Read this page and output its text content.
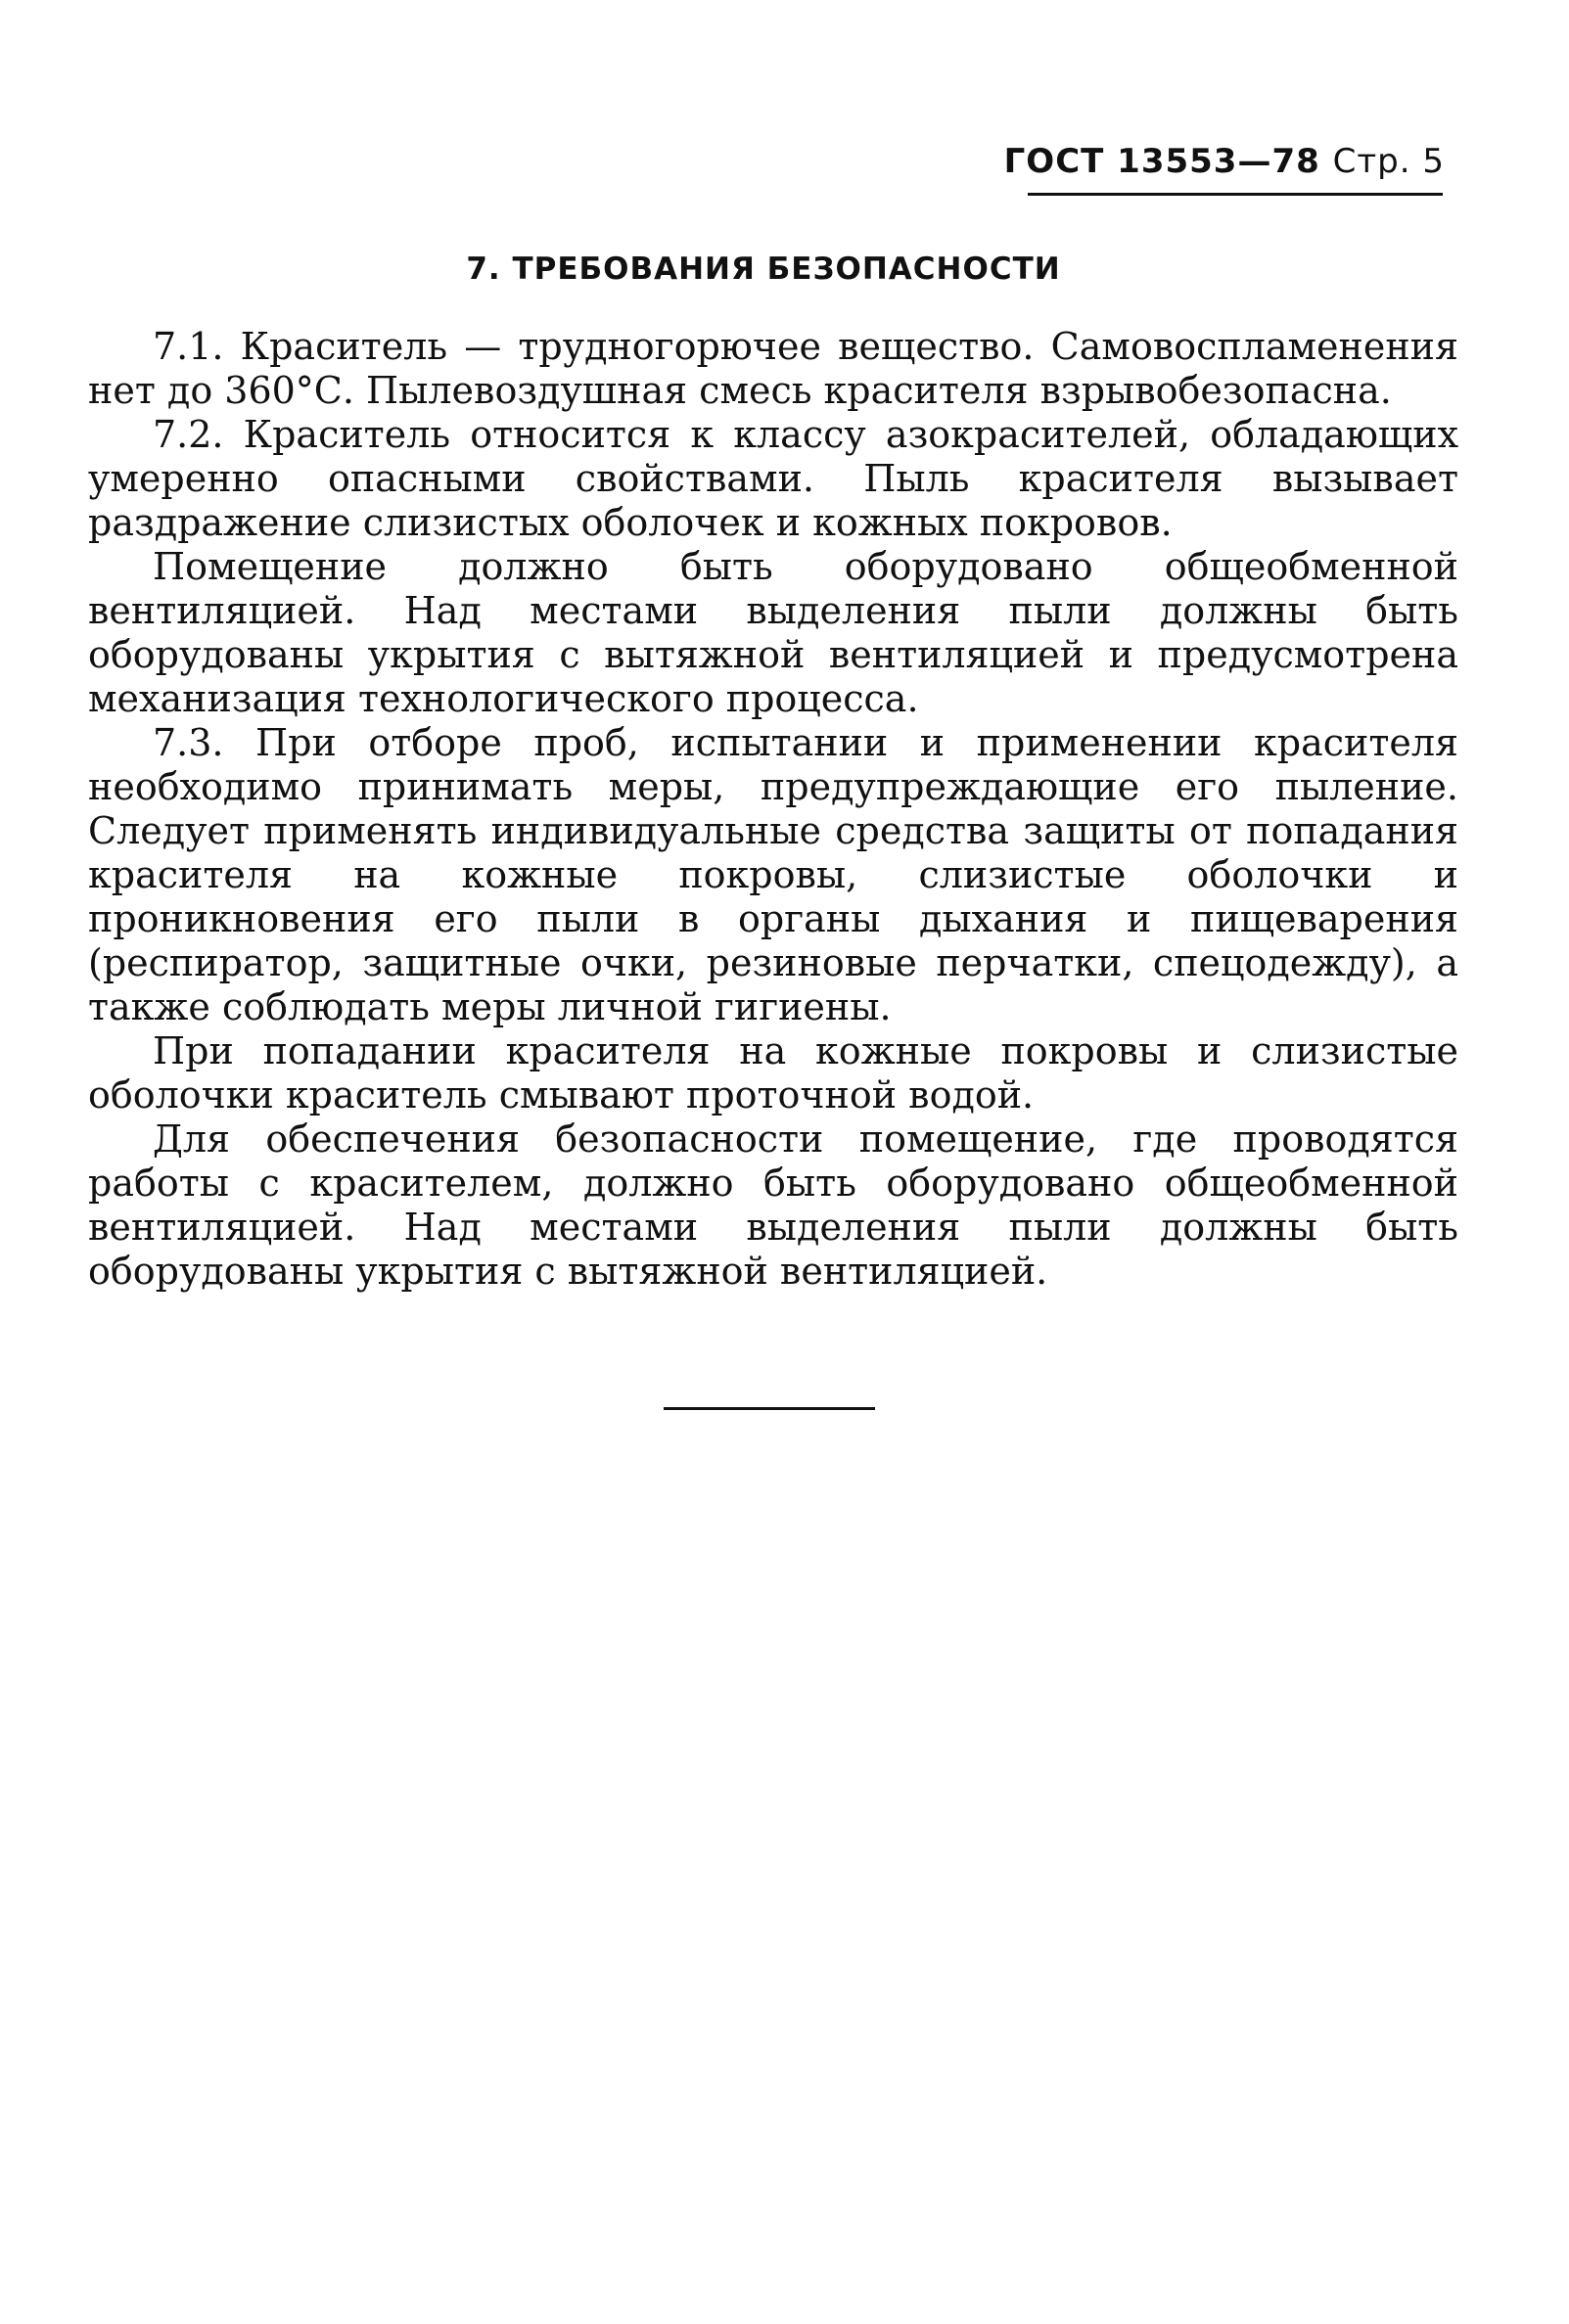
ГОСТ 13553—78 Стр. 5
7. ТРЕБОВАНИЯ БЕЗОПАСНОСТИ

7.1. Краситель — трудногорючее вещество. Самовоспламенения нет до 360°С. Пылевоздушная смесь красителя взрывобезопасна.

7.2. Краситель относится к классу азокрасителей, обладающих умеренно опасными свойствами. Пыль красителя вызывает раздражение слизистых оболочек и кожных покровов.

Помещение должно быть оборудовано общеобменной вентиляцией. Над местами выделения пыли должны быть оборудованы укрытия с вытяжной вентиляцией и предусмотрена механизация технологического процесса.

7.3. При отборе проб, испытании и применении красителя необходимо принимать меры, предупреждающие его пыление. Следует применять индивидуальные средства защиты от попадания красителя на кожные покровы, слизистые оболочки и проникновения его пыли в органы дыхания и пищеварения (респиратор, защитные очки, резиновые перчатки, спецодежду), а также соблюдать меры личной гигиены.

При попадании красителя на кожные покровы и слизистые оболочки краситель смывают проточной водой.

Для обеспечения безопасности помещение, где проводятся работы с красителем, должно быть оборудовано общеобменной вентиляцией. Над местами выделения пыли должны быть оборудованы укрытия с вытяжной вентиляцией.
